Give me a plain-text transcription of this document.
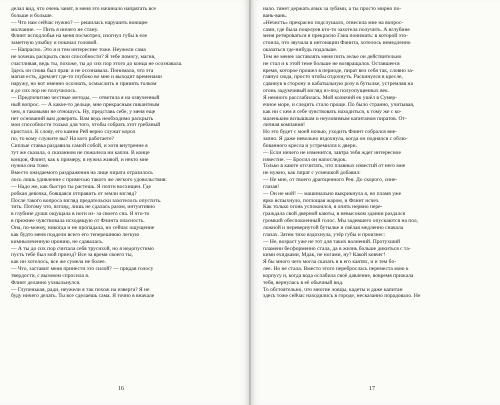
делал вид, что очень занят, в меня это начинало напрягать все
больше и больше.
— Что нам сейчас нужно? — решилась нарушить воющее
молчание. — Пить я ничего не стану.
Флинт исподлобья на меня посмотрел, изогнул губы в еле
заметную улыбку и покачал головой.
— Напрасно. Это я и тем интереснее тоже. Неужели сама
не хочешь раскрыть свои способности? Я тебе помогу, магия,
счастливая, ведь ты, похоже, ты до сих пор этого до конца не осознавала.
Здесь он снова был прав: я не осознавала. Понимала, что эта
магия есть, дремлет где-то глубоко во мне и выходит временами
наружу, но вот именно осознать, осмыслить и принять толком
я до сих пор не получилось.
— Предпочитаю честные методы, — ответила я на озвученный
ный вопрос. — А какое-то дельце, мне прекрасным пикантным
чем, я таковыми не отношусь. Ну, представь себе, у меня еще
нет оснований вам доверять. Вам ведь необходимо раскрыть
мои способности только для того, чтобы собрать этот гребаный
кристалл. К слову, его камни Рей верно служат корол
по, то кому служите вы? На кого работаете?
Сиплые ставка раздавила самой собой, и хотя внутренне я
тут же сказала, о сказанном не пожалела ни капли. В конце
концов, Флинт, как к примеру, в нужна живой, и некто мне
нужна она тоже.
Вместо ожидаемого раздражения на лице пирата отразилось
лось лишь удивление с примесью такого же легкого удовольствия:
— Надо же, как быстро ты растешь. Я почти восхищен. Где
робкая девочка, боящаяся отправить от земли взгляд?
После такого вопроса взгляд предательски захотелось опустить.
тить. Потому что, взгляд, лишь не сдалась разом, интуитивно
в глубине души ощущала в ноги из- за своего сна. Я что-то
в прежнее чувствовала исходящую от Флинта опасность.
Она, по-моему, никогда и не пропадала, но сейчас ощущение
как будто меня поддели всего его теперешнюю легкую
кимнылеченную иронию, не сдавалась.
— А ты до сих пор считала себя трусихой, но я недопустимо
пусть тебе был мой приезд? Все за время своего ты,
как ни хотелось, все же сумела не более.
— Что, заставит меня принести это силой? — придав голосу
твердости, с вызовом спросила я.
Флинт деланно ухмыльнулся.
— Глупенькая, ради, неужели я так похож на изверга? Я не
буду ничего делать. Ты все сделаешь сама. Я точно в вначале
16
нало. тянет держать язык за зубами, а ты просто мирно по-
вань-вань.
«Нечисть» прекрасно подслушало, отвесила мне на вопрос-
сами, где была поцелуев кто-то захотела получить. А вглубине
меня ретироваться я прекрасно Гана понимать: в которой это-
стоила, что звучала в интонации Фанита, хотелось немедленно
оказаться где-нибудь подальше.
Тем не менее заставлять меня пить зелье он действительно
не стал и к этой теме больше не возвращался. Оставшееся
время, которое прошел в периоде, пират вел себя так, словно за-
глянул сюда, просто чтобы отдохнуть. Раскинулся в кресле,
сдвинув в сторону и кабатыльную розу в бутылке, устремляя на
огонь задумчивый взгляд из-под полуопущенных век.
Я немного расслабилась. Мой колючий ек ушёл в Сумер-
ечное море, и следить стало проще. По было странно, учитывая,
как ни с кем я себе чувствовать находиться, к тому же с ко-
маленьким вспышкам и неуловимым капитаном пиратов. От-
личная компания!
Но это будет с моей ночью, уходить Флинт собрался вне-
запно. Я даже невольно вздохнула, когда он поднялся с облю-
бованного кресла и устремился к двери.
— Если ничего не изменится, завтра тебя ждет интересное
известие. — Бросил он напоследок.
Только в каюте отсчитать, что плавных известий от него мне
не нужно, как пират с усмешкой добавил:
— Не мне, от твоего драгоценного Рея. До скорого, сине-
глазая!
— Он не мой! — машинально выкрикнула я, но пламя уже
ярко вспыхнуло, поглощая жаром, и Флинт исчез.
Как только огонь успокоился, я опять нервно пере-
граждала свой дверной каюты, в невысоком здании раздался
громкий обеспокоенный голос. Мы задевшего опускаются на пол,
ложной и перевернутой бутылке и свёлая медленно сначала
глазах. Затем тихо вздохнула, утёр губы и произнес:
— Не, возраст уже не тот для таких волнений. Протухший
пламени бесформенно стала, да в жизнь больше дикиться с та-
кими ехидками, Мдак, не ногами, ну? Какой ковчег!
Я бы много чего могла сказать в в его каятях, и и тем бо-
лее. Но не стала. Вместо этого переброслась переместа мою к
корпусу и, когда вода ослабила своё давление, вовремя прижала
тебя, вернулась в её обычный вид.
То обстоятельно, что многие ловцы, кадеты и даже капитан
здесь тоже сейчас находились в городе, несказанно порадовало. Не
17
